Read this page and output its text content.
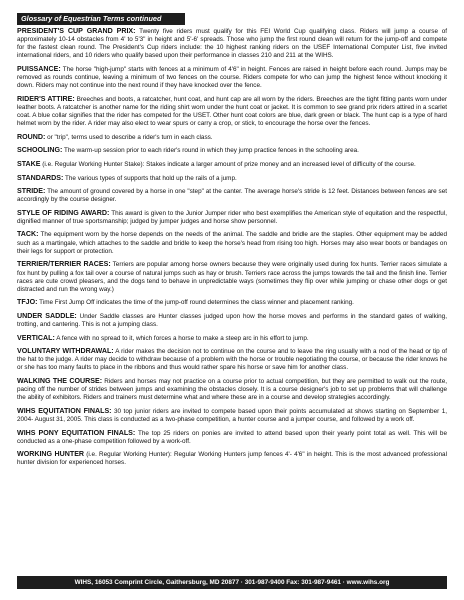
Glossary of Equestrian Terms continued

PRESIDENT'S CUP GRAND PRIX: Twenty five riders must qualify for this FEI World Cup qualifying class. Riders will jump a course of approximately 10-14 obstacles from 4' to 5'3" in height and 5'-6' spreads. Those who jump the first round clean will return for the jump-off and compete for the fastest clean round. The President's Cup riders include: the 10 highest ranking riders on the USEF International Computer List, five invited international riders, and 10 riders who qualify based upon their performance in classes 210 and 211 at the WIHS.

PUISSANCE: The horse "high-jump" starts with fences at a minimum of 4'6" in height. Fences are raised in height before each round. Jumps may be removed as rounds continue, leaving a minimum of two fences on the course. Riders compete for who can jump the highest fence without knocking it down. Riders may not continue into the next round if they have knocked over the fence.

RIDER'S ATTIRE: Breeches and boots, a ratcatcher, hunt coat, and hunt cap are all worn by the riders. Breeches are the tight fitting pants worn under leather boots. A ratcatcher is another name for the riding shirt worn under the hunt coat or jacket. It is common to see grand prix riders attired in a scarlet coat. A blue collar signifies that the rider has competed for the USET. Other hunt coat colors are blue, dark green or black. The hunt cap is a type of hard helmet worn by the rider. A rider may also elect to wear spurs or carry a crop, or stick, to encourage the horse over the fences.

ROUND: or "trip", terms used to describe a rider's turn in each class.

SCHOOLING: The warm-up session prior to each rider's round in which they jump practice fences in the schooling area.

STAKE (i.e. Regular Working Hunter Stake): Stakes indicate a larger amount of prize money and an increased level of difficulty of the course.

STANDARDS: The various types of supports that hold up the rails of a jump.

STRIDE: The amount of ground covered by a horse in one "step" at the canter. The average horse's stride is 12 feet. Distances between fences are set accordingly by the course designer.

STYLE OF RIDING AWARD: This award is given to the Junior Jumper rider who best exemplifies the American style of equitation and the respectful, dignified manner of true sportsmanship; judged by jumper judges and horse show personnel.

TACK: The equipment worn by the horse depends on the needs of the animal. The saddle and bridle are the staples. Other equipment may be added such as a martingale, which attaches to the saddle and bridle to keep the horse's head from rising too high. Horses may also wear boots or bandages on their legs for support or protection.

TERRIER/TERRIER RACES: Terriers are popular among horse owners because they were originally used during fox hunts. Terrier races simulate a fox hunt by pulling a fox tail over a course of natural jumps such as hay or brush. Terriers race across the jumps towards the tail and the finish line. Terrier races are cute crowd pleasers, and the dogs tend to behave in unpredictable ways (sometimes they flip over while jumping or chase other dogs or get distracted and run the wrong way.)

TFJO: Time First Jump Off indicates the time of the jump-off round determines the class winner and placement ranking.

UNDER SADDLE: Under Saddle classes are Hunter classes judged upon how the horse moves and performs in the standard gates of walking, trotting, and cantering. This is not a jumping class.

VERTICAL: A fence with no spread to it, which forces a horse to make a steep arc in his effort to jump.

VOLUNTARY WITHDRAWAL: A rider makes the decision not to continue on the course and to leave the ring usually with a nod of the head or tip of the hat to the judge. A rider may decide to withdraw because of a problem with the horse or trouble negotiating the course, or because the rider knows he or she has too many faults to place in the ribbons and thus would rather spare his horse or save him for another class.

WALKING THE COURSE: Riders and horses may not practice on a course prior to actual competition, but they are permitted to walk out the route, pacing off the number of strides between jumps and examining the obstacles closely. It is a course designer's job to set up problems that will challenge the ability of exhibitors. Riders and trainers must determine what and where these are in a course and develop strategies accordingly.

WIHS EQUITATION FINALS: 30 top junior riders are invited to compete based upon their points accumulated at shows starting on September 1, 2004- August 31, 2005. This class is conducted as a two-phase competition, a hunter course and a jumper course, and followed by a work off.

WIHS PONY EQUITATION FINALS: The top 25 riders on ponies are invited to attend based upon their yearly point total as well. This will be conducted as a one-phase competition followed by a work-off.

WORKING HUNTER (i.e. Regular Working Hunter): Regular Working Hunters jump fences 4'- 4'6" in height. This is the most advanced professional hunter division for experienced horses.

WIHS, 16053 Comprint Circle, Gaithersburg, MD 20877 · 301-987-9400 Fax: 301-987-9461 · www.wihs.org
